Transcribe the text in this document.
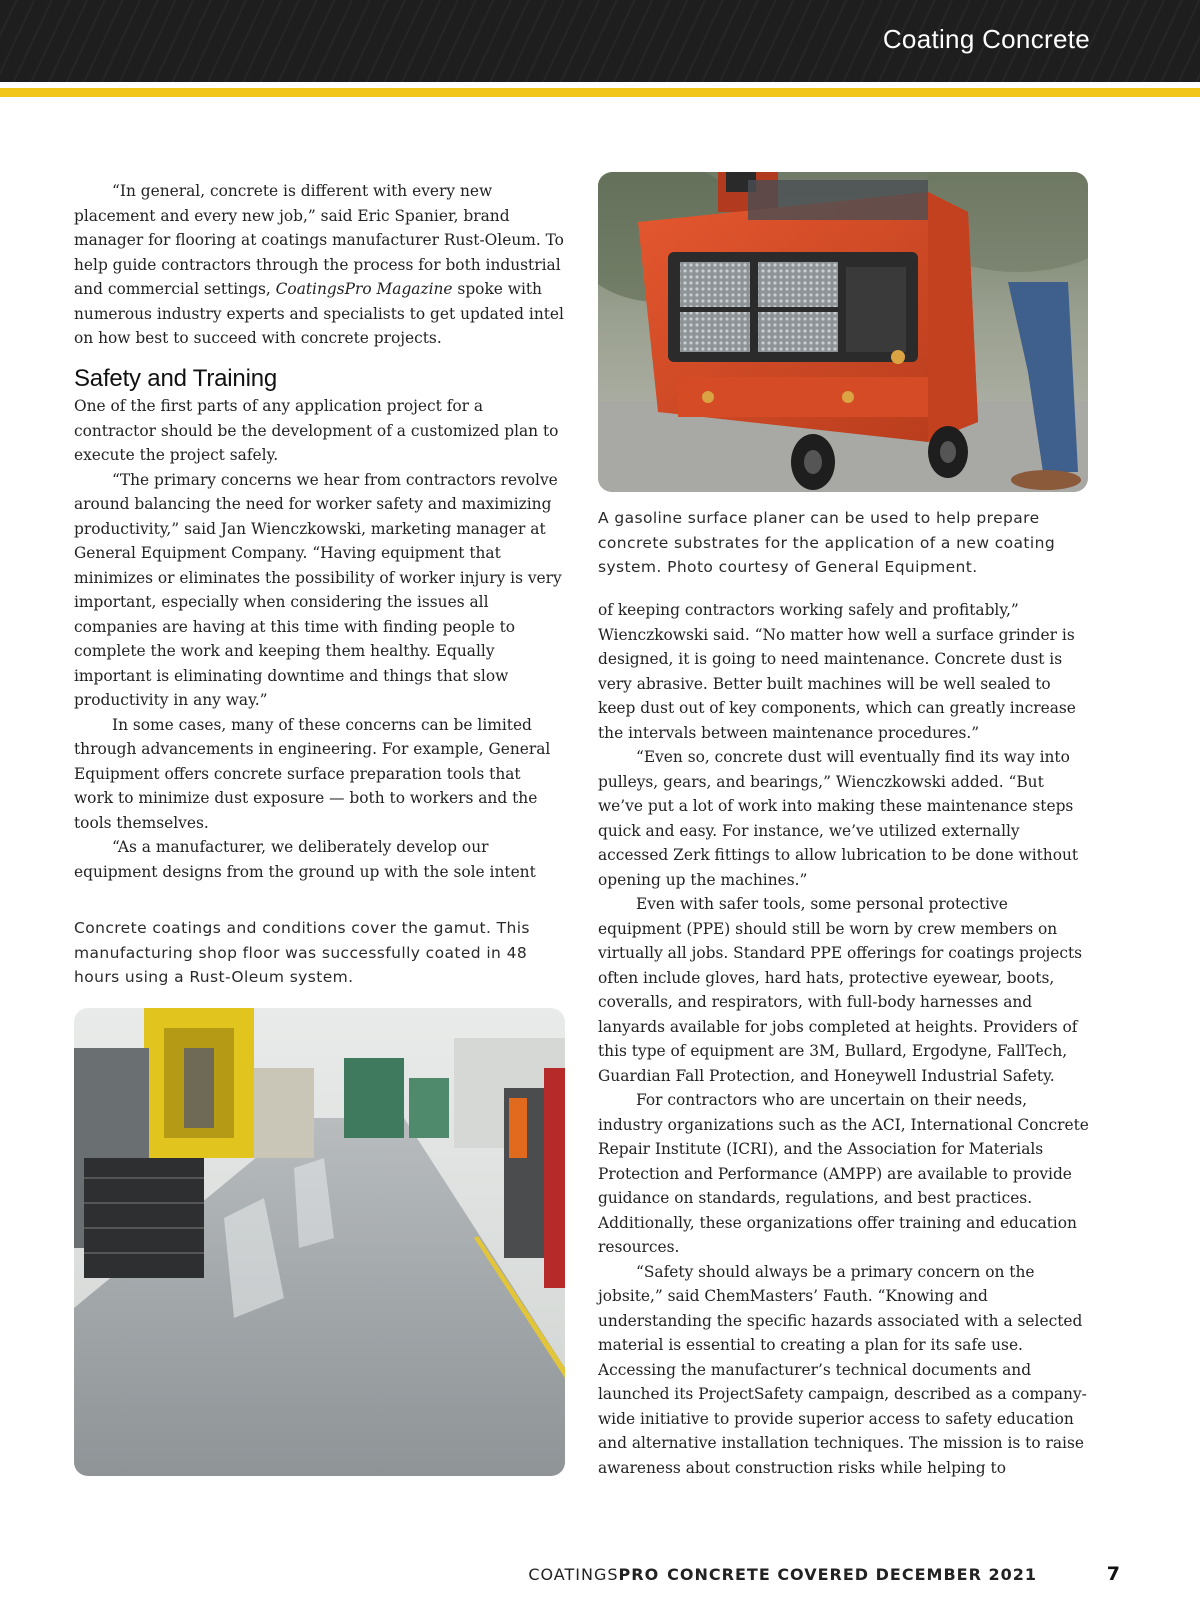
Coating Concrete

“In general, concrete is different with every new placement and every new job,” said Eric Spanier, brand manager for flooring at coatings manufacturer Rust-Oleum. To help guide contractors through the process for both industrial and commercial settings, CoatingsPro Magazine spoke with numerous industry experts and specialists to get updated intel on how best to succeed with concrete projects.

Safety and Training

One of the first parts of any application project for a contractor should be the development of a customized plan to execute the project safely.

“The primary concerns we hear from contractors revolve around balancing the need for worker safety and maximizing productivity,” said Jan Wienczkowski, marketing manager at General Equipment Company. “Having equipment that minimizes or eliminates the possibility of worker injury is very important, especially when considering the issues all companies are having at this time with finding people to complete the work and keeping them healthy. Equally important is eliminating downtime and things that slow productivity in any way.”

In some cases, many of these concerns can be limited through advancements in engineering. For example, General Equipment offers concrete surface preparation tools that work to minimize dust exposure — both to workers and the tools themselves.

“As a manufacturer, we deliberately develop our equipment designs from the ground up with the sole intent

A gasoline surface planer can be used to help prepare concrete substrates for the application of a new coating system. Photo courtesy of General Equipment.
Concrete coatings and conditions cover the gamut. This manufacturing shop floor was successfully coated in 48 hours using a Rust-Oleum system.

of keeping contractors working safely and profitably,” Wienczkowski said. “No matter how well a surface grinder is designed, it is going to need maintenance. Concrete dust is very abrasive. Better built machines will be well sealed to keep dust out of key components, which can greatly increase the intervals between maintenance procedures.”

“Even so, concrete dust will eventually find its way into pulleys, gears, and bearings,” Wienczkowski added. “But we’ve put a lot of work into making these maintenance steps quick and easy. For instance, we’ve utilized externally accessed Zerk fittings to allow lubrication to be done without opening up the machines.”

Even with safer tools, some personal protective equipment (PPE) should still be worn by crew members on virtually all jobs. Standard PPE offerings for coatings projects often include gloves, hard hats, protective eyewear, boots, coveralls, and respirators, with full-body harnesses and lanyards available for jobs completed at heights. Providers of this type of equipment are 3M, Bullard, Ergodyne, FallTech, Guardian Fall Protection, and Honeywell Industrial Safety.

For contractors who are uncertain on their needs, industry organizations such as the ACI, International Concrete Repair Institute (ICRI), and the Association for Materials Protection and Performance (AMPP) are available to provide guidance on standards, regulations, and best practices. Additionally, these organizations offer training and education resources.

“Safety should always be a primary concern on the jobsite,” said ChemMasters’ Fauth. “Knowing and understanding the specific hazards associated with a selected material is essential to creating a plan for its safe use. Accessing the manufacturer’s technical documents and launched its ProjectSafety campaign, described as a company-wide initiative to provide superior access to safety education and alternative installation techniques. The mission is to raise awareness about construction risks while helping to

COATINGSPRO CONCRETE COVERED DECEMBER 2021	7
